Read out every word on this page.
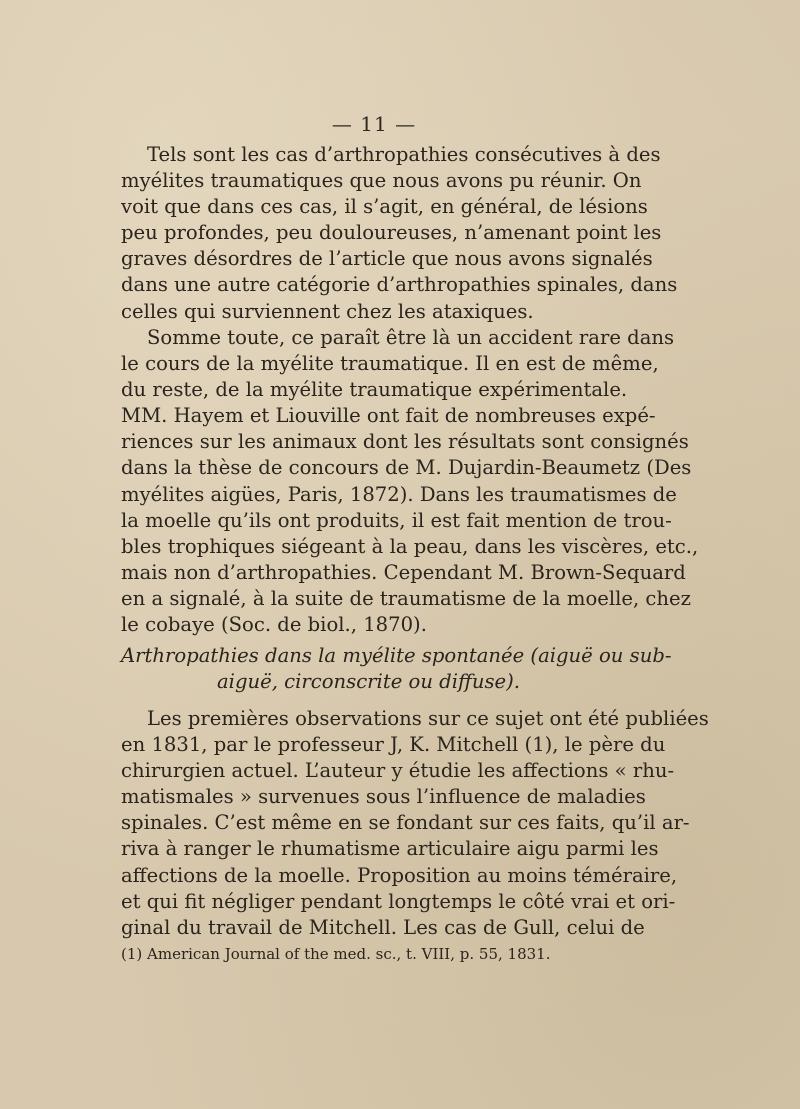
— 11 —
Tels sont les cas d’arthropathies consécutives à des
myélites traumatiques que nous avons pu réunir. On
voit que dans ces cas, il s’agit, en général, de lésions
peu profondes, peu douloureuses, n’amenant point les
graves désordres de l’article que nous avons signalés
dans une autre catégorie d’arthropathies spinales, dans
celles qui surviennent chez les ataxiques.
Somme toute, ce paraît être là un accident rare dans
le cours de la myélite traumatique. Il en est de même,
du reste, de la myélite traumatique expérimentale.
MM. Hayem et Liouville ont fait de nombreuses expé-
riences sur les animaux dont les résultats sont consignés
dans la thèse de concours de M. Dujardin-Beaumetz (Des
myélites aigües, Paris, 1872). Dans les traumatismes de
la moelle qu’ils ont produits, il est fait mention de trou-
bles trophiques siégeant à la peau, dans les viscères, etc.,
mais non d’arthropathies. Cependant M. Brown-Sequard
en a signalé, à la suite de traumatisme de la moelle, chez
le cobaye (Soc. de biol., 1870).
Arthropathies dans la myélite spontanée (aiguë ou sub-
aiguë, circonscrite ou diffuse).
Les premières observations sur ce sujet ont été publiées
en 1831, par le professeur J, K. Mitchell (1), le père du
chirurgien actuel. L’auteur y étudie les affections « rhu-
matismales » survenues sous l’influence de maladies
spinales. C’est même en se fondant sur ces faits, qu’il ar-
riva à ranger le rhumatisme articulaire aigu parmi les
affections de la moelle. Proposition au moins téméraire,
et qui fit négliger pendant longtemps le côté vrai et ori-
ginal du travail de Mitchell. Les cas de Gull, celui de
(1) American Journal of the med. sc., t. VIII, p. 55, 1831.
